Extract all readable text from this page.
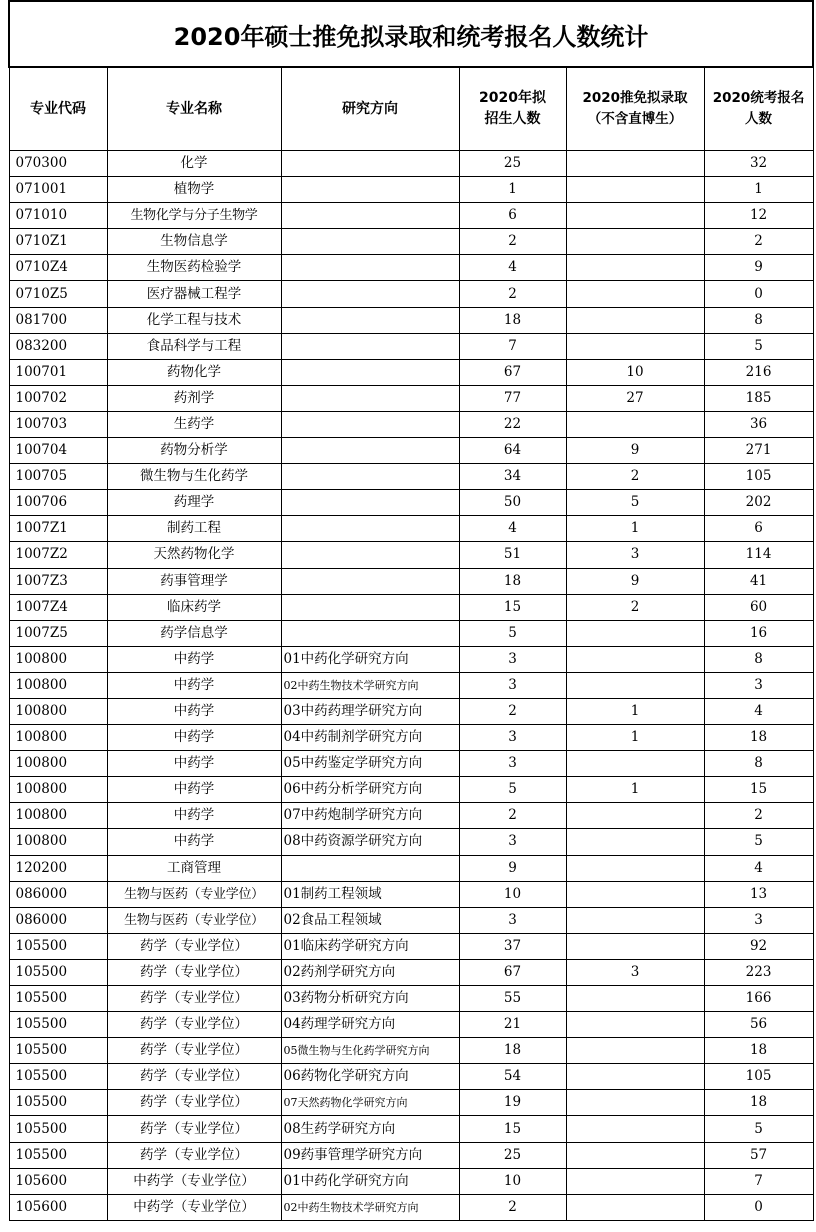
2020年硕士推免拟录取和统考报名人数统计					
专业代码	专业名称	研究方向	2020年拟招生人数	2020推免拟录取（不含直博生）	2020统考报名人数
070300	化学		25		32
071001	植物学		1		1
071010	生物化学与分子生物学		6		12
0710Z1	生物信息学		2		2
0710Z4	生物医药检验学		4		9
0710Z5	医疗器械工程学		2		0
081700	化学工程与技术		18		8
083200	食品科学与工程		7		5
100701	药物化学		67	10	216
100702	药剂学		77	27	185
100703	生药学		22		36
100704	药物分析学		64	9	271
100705	微生物与生化药学		34	2	105
100706	药理学		50	5	202
1007Z1	制药工程		4	1	6
1007Z2	天然药物化学		51	3	114
1007Z3	药事管理学		18	9	41
1007Z4	临床药学		15	2	60
1007Z5	药学信息学		5		16
100800	中药学	01中药化学研究方向	3		8
100800	中药学	02中药生物技术学研究方向	3		3
100800	中药学	03中药药理学研究方向	2	1	4
100800	中药学	04中药制剂学研究方向	3	1	18
100800	中药学	05中药鉴定学研究方向	3		8
100800	中药学	06中药分析学研究方向	5	1	15
100800	中药学	07中药炮制学研究方向	2		2
100800	中药学	08中药资源学研究方向	3		5
120200	工商管理		9		4
086000	生物与医药（专业学位）	01制药工程领域	10		13
086000	生物与医药（专业学位）	02食品工程领域	3		3
105500	药学（专业学位）	01临床药学研究方向	37		92
105500	药学（专业学位）	02药剂学研究方向	67	3	223
105500	药学（专业学位）	03药物分析研究方向	55		166
105500	药学（专业学位）	04药理学研究方向	21		56
105500	药学（专业学位）	05微生物与生化药学研究方向	18		18
105500	药学（专业学位）	06药物化学研究方向	54		105
105500	药学（专业学位）	07天然药物化学研究方向	19		18
105500	药学（专业学位）	08生药学研究方向	15		5
105500	药学（专业学位）	09药事管理学研究方向	25		57
105600	中药学（专业学位）	01中药化学研究方向	10		7
105600	中药学（专业学位）	02中药生物技术学研究方向	2		0
